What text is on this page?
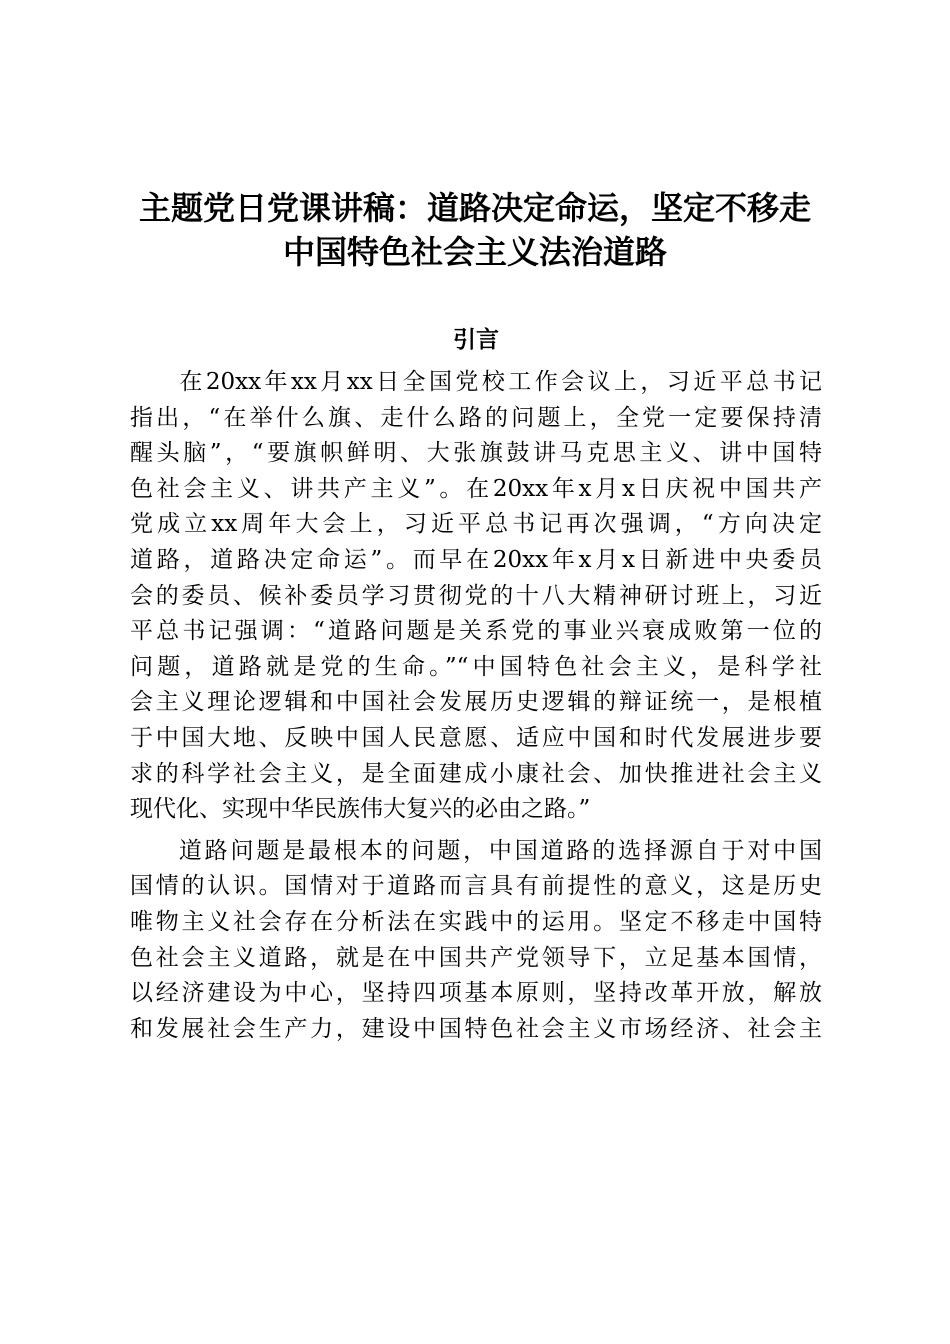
主题党日党课讲稿：道路决定命运，坚定不移走
中国特色社会主义法治道路
引言
在20xx年xx月xx日全国党校工作会议上，习近平总书记
指出，“在举什么旗、走什么路的问题上，全党一定要保持清
醒头脑”，“要旗帜鲜明、大张旗鼓讲马克思主义、讲中国特
色社会主义、讲共产主义”。在20xx年x月x日庆祝中国共产
党成立xx周年大会上，习近平总书记再次强调，“方向决定
道路，道路决定命运”。而早在20xx年x月x日新进中央委员
会的委员、候补委员学习贯彻党的十八大精神研讨班上，习近
平总书记强调：“道路问题是关系党的事业兴衰成败第一位的
问题，道路就是党的生命。”“中国特色社会主义，是科学社
会主义理论逻辑和中国社会发展历史逻辑的辩证统一，是根植
于中国大地、反映中国人民意愿、适应中国和时代发展进步要
求的科学社会主义，是全面建成小康社会、加快推进社会主义
现代化、实现中华民族伟大复兴的必由之路。”
道路问题是最根本的问题，中国道路的选择源自于对中国
国情的认识。国情对于道路而言具有前提性的意义，这是历史
唯物主义社会存在分析法在实践中的运用。坚定不移走中国特
色社会主义道路，就是在中国共产党领导下，立足基本国情，
以经济建设为中心，坚持四项基本原则，坚持改革开放，解放
和发展社会生产力，建设中国特色社会主义市场经济、社会主
